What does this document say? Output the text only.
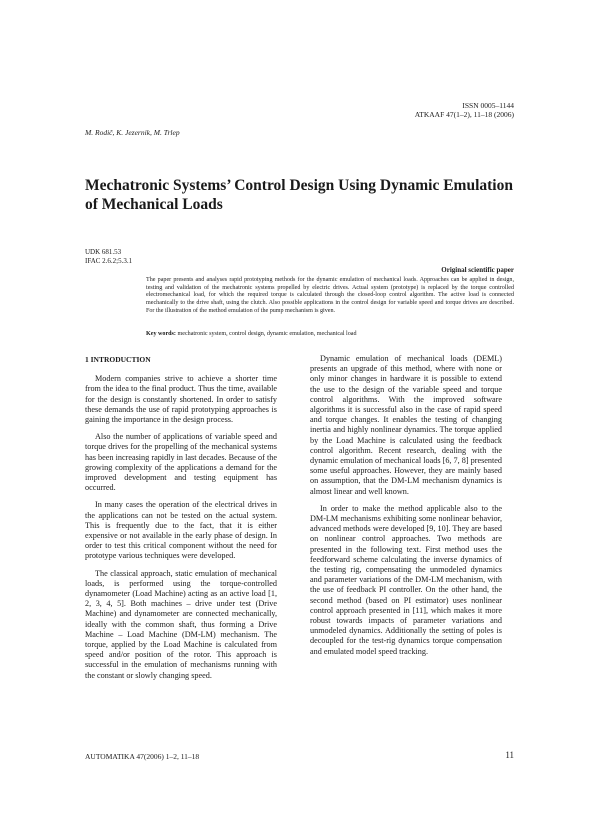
ISSN 0005–1144
ATKAAF 47(1–2), 11–18 (2006)
M. Rodič, K. Jezernik, M. Trlep
Mechatronic Systems’ Control Design Using Dynamic Emulation of Mechanical Loads
UDK 681.53
IFAC 2.6.2;5.3.1
Original scientific paper

The paper presents and analyses rapid prototyping methods for the dynamic emulation of mechanical loads. Approaches can be applied in design, testing and validation of the mechatronic systems propelled by electric drives. Actual system (prototype) is replaced by the torque controlled electromechanical load, for which the required torque is calculated through the closed-loop control algorithm. The active load is connected mechanically to the drive shaft, using the clutch. Also possible applications in the control design for variable speed and torque drives are described. For the illustration of the method emulation of the pump mechanism is given.

Key words: mechatronic system, control design, dynamic emulation, mechanical load

1 INTRODUCTION

Modern companies strive to achieve a shorter time from the idea to the final product. Thus the time, available for the design is constantly shortened. In order to satisfy these demands the use of rapid prototyping approaches is gaining the importance in the design process.

Also the number of applications of variable speed and torque drives for the propelling of the mechanical systems has been increasing rapidly in last decades. Because of the growing complexity of the applications a demand for the improved development and testing equipment has occurred.

In many cases the operation of the electrical drives in the applications can not be tested on the actual system. This is frequently due to the fact, that it is either expensive or not available in the early phase of design. In order to test this critical component without the need for prototype various techniques were developed.

The classical approach, static emulation of mechanical loads, is performed using the torque-controlled dynamometer (Load Machine) acting as an active load [1, 2, 3, 4, 5]. Both machines – drive under test (Drive Machine) and dynamometer are connected mechanically, ideally with the common shaft, thus forming a Drive Machine – Load Machine (DM-LM) mechanism. The torque, applied by the Load Machine is calculated from speed and/or position of the rotor. This approach is successful in the emulation of mechanisms running with the constant or slowly changing speed.

Dynamic emulation of mechanical loads (DEML) presents an upgrade of this method, where with none or only minor changes in hardware it is possible to extend the use to the design of the variable speed and torque control algorithms. With the improved software algorithms it is successful also in the case of rapid speed and torque changes. It enables the testing of changing inertia and highly nonlinear dynamics. The torque applied by the Load Machine is calculated using the feedback control algorithm. Recent research, dealing with the dynamic emulation of mechanical loads [6, 7, 8] presented some useful approaches. However, they are mainly based on assumption, that the DM-LM mechanism dynamics is almost linear and well known.

In order to make the method applicable also to the DM-LM mechanisms exhibiting some nonlinear behavior, advanced methods were developed [9, 10]. They are based on nonlinear control approaches. Two methods are presented in the following text. First method uses the feedforward scheme calculating the inverse dynamics of the testing rig, compensating the unmodeled dynamics and parameter variations of the DM-LM mechanism, with the use of feedback PI controller. On the other hand, the second method (based on PI estimator) uses nonlinear control approach presented in [11], which makes it more robust towards impacts of parameter variations and unmodeled dynamics. Additionally the setting of poles is decoupled for the test-rig dynamics torque compensation and emulated model speed tracking.

AUTOMATIKA 47(2006) 1–2, 11–18	11
